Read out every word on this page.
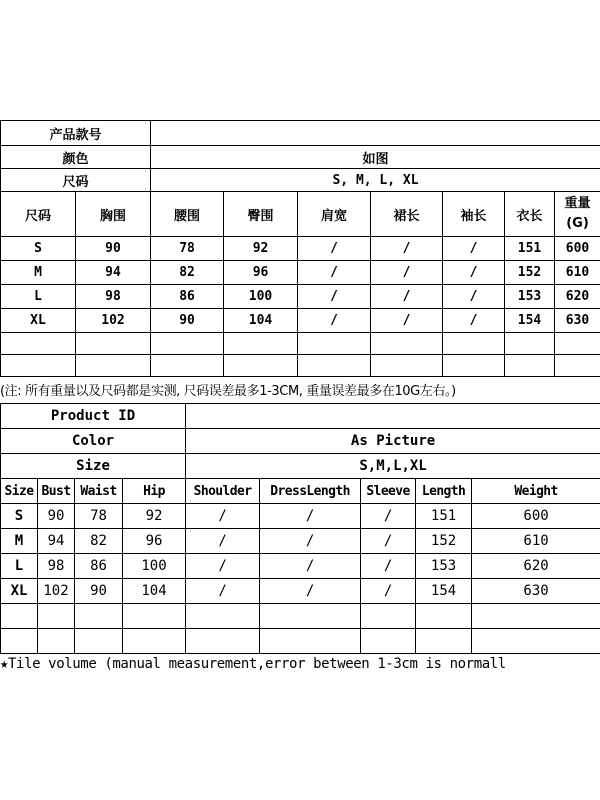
产品款号								
颜色		如图						
尺码		S, M, L, XL						
尺码	胸围	腰围	臀围	肩宽	裙长	袖长	衣长	重量
(G)
S	90	78	92	/	/	/	151	600
M	94	82	96	/	/	/	152	610
L	98	86	100	/	/	/	153	620
XL	102	90	104	/	/	/	154	630

(注: 所有重量以及尺码都是实测, 尺码误差最多1-3CM, 重量误差最多在10G左右。)
Product ID								
Color				As Picture				
Size				S,M,L,XL				
Size	Bust	Waist	Hip	Shoulder	DressLength	Sleeve	Length	Weight
S	90	78	92	/	/	/	151	600
M	94	82	96	/	/	/	152	610
L	98	86	100	/	/	/	153	620
XL	102	90	104	/	/	/	154	630

★Tile volume (manual measurement,error between 1-3cm is normall
